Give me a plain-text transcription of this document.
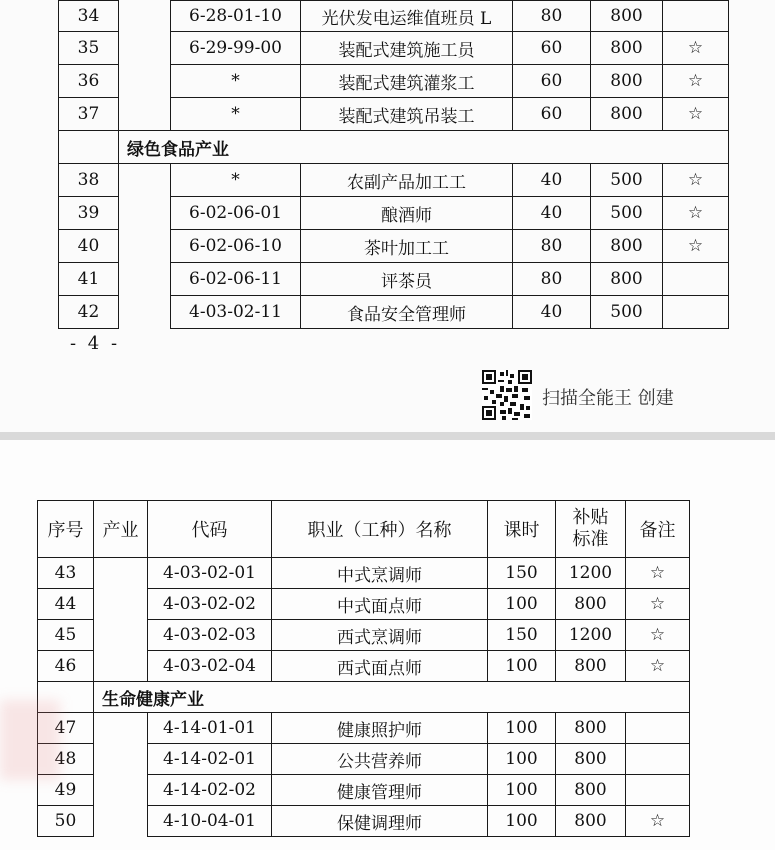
34		6-28-01-10	光伏发电运维值班员 L	80	800	
35		6-29-99-00	装配式建筑施工员	60	800	☆
36		*	装配式建筑灌浆工	60	800	☆
37		*	装配式建筑吊装工	60	800	☆
	绿色食品产业					
38		*	农副产品加工工	40	500	☆
39		6-02-06-01	酿酒师	40	500	☆
40		6-02-06-10	茶叶加工工	80	800	☆
41		6-02-06-11	评茶员	80	800	
42		4-03-02-11	食品安全管理师	40	500	
- 4 -
扫描全能王 创建
序号	产业	代码	职业（工种）名称	课时	补贴标准	备注
43		4-03-02-01	中式烹调师	150	1200	☆
44		4-03-02-02	中式面点师	100	800	☆
45		4-03-02-03	西式烹调师	150	1200	☆
46		4-03-02-04	西式面点师	100	800	☆
	生命健康产业					
47		4-14-01-01	健康照护师	100	800	
48		4-14-02-01	公共营养师	100	800	
49		4-14-02-02	健康管理师	100	800	
50		4-10-04-01	保健调理师	100	800	☆
